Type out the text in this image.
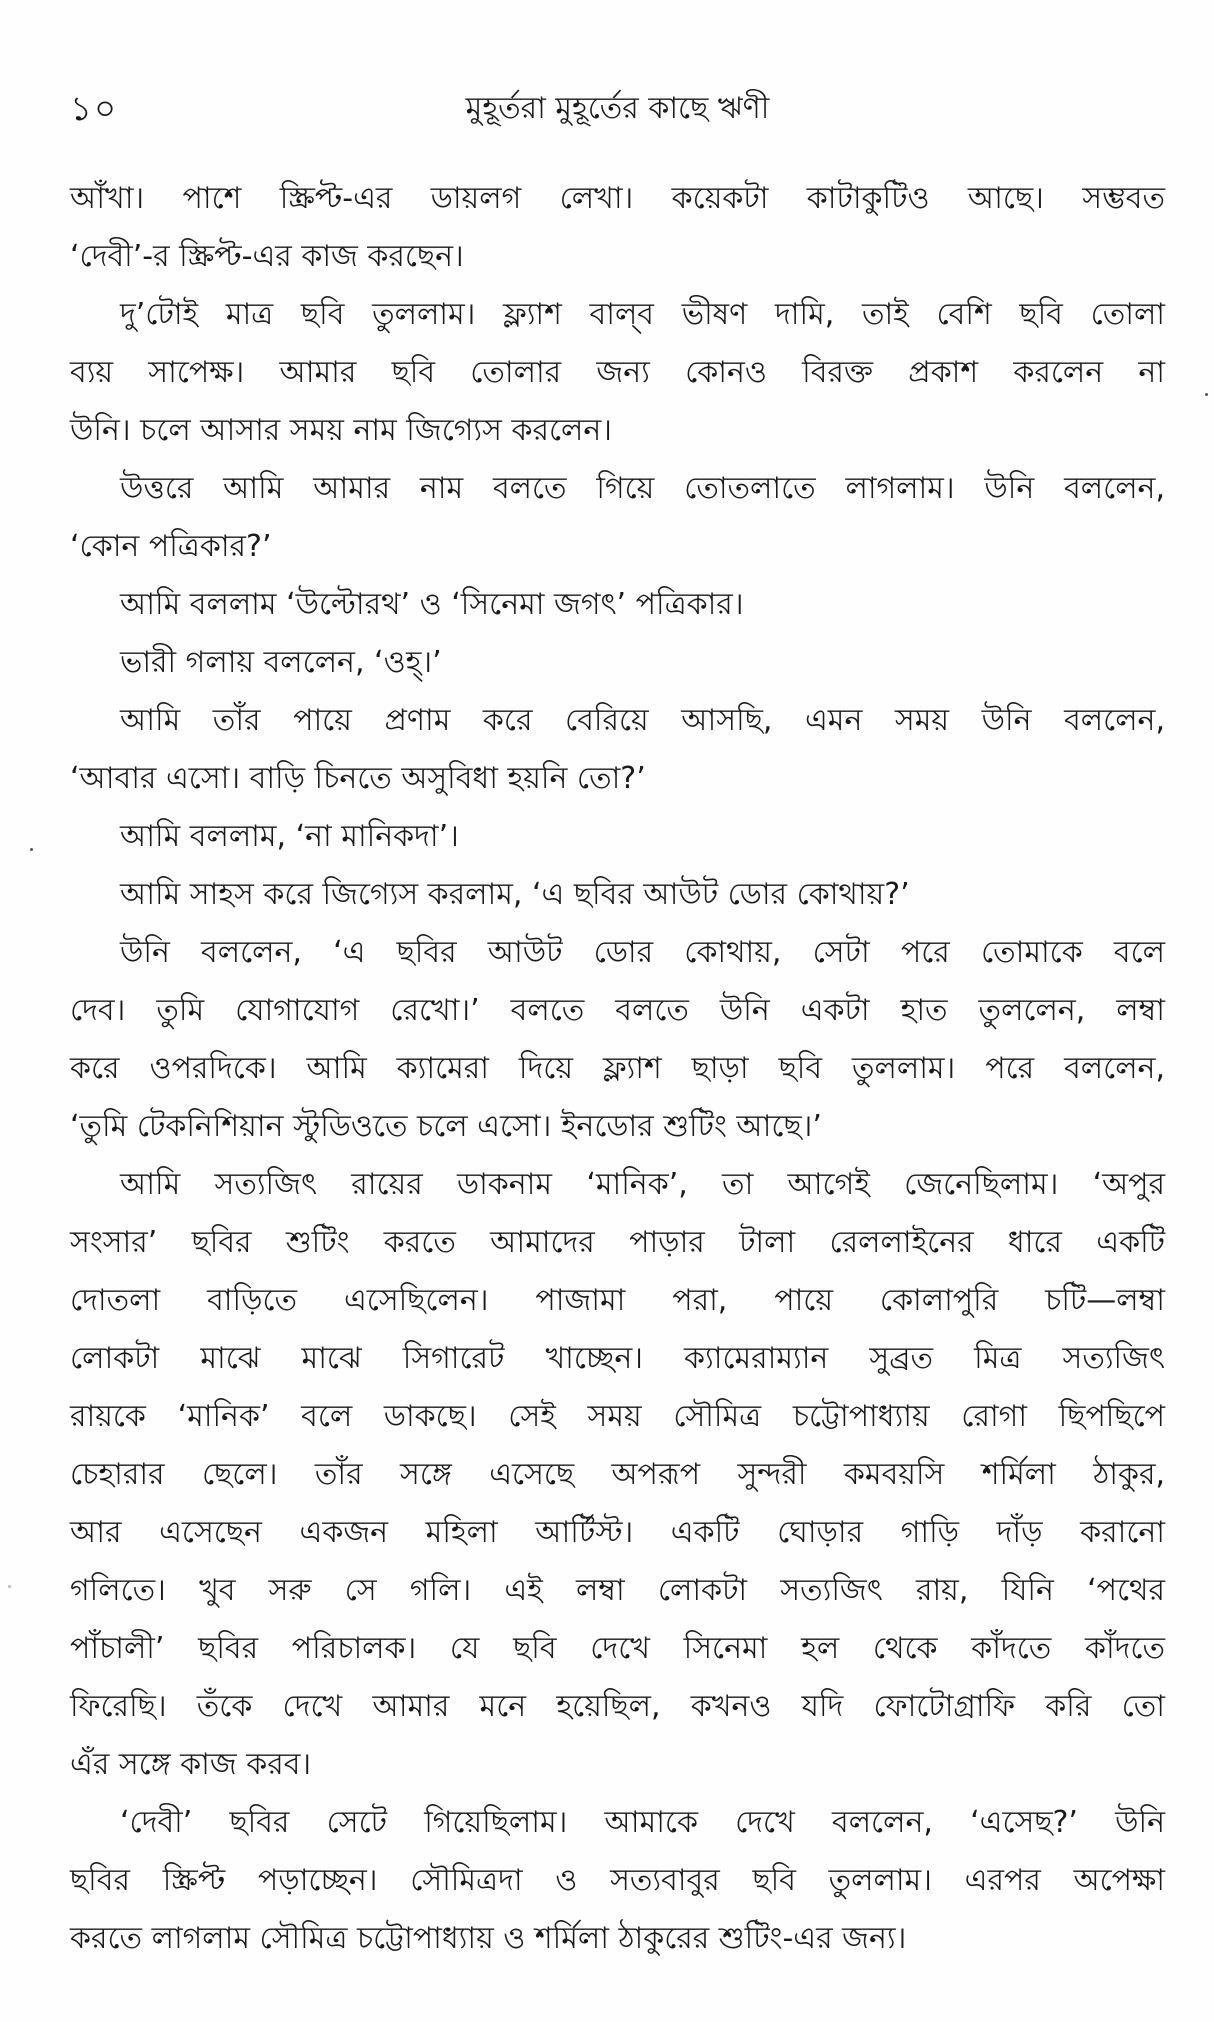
১০	মুহূর্তরা মুহূর্তের কাছে ঋণী
আঁখা। পাশে স্ক্রিপ্ট-এর ডায়লগ লেখা। কয়েকটা কাটাকুটিও আছে। সম্ভবত
‘দেবী’-র স্ক্রিপ্ট-এর কাজ করছেন।
দু’টোই মাত্র ছবি তুললাম। ফ্ল্যাশ বাল্‌ব ভীষণ দামি, তাই বেশি ছবি তোলা
ব্যয় সাপেক্ষ। আমার ছবি তোলার জন্য কোনও বিরক্ত প্রকাশ করলেন না
উনি। চলে আসার সময় নাম জিগ্যেস করলেন।
উত্তরে আমি আমার নাম বলতে গিয়ে তোতলাতে লাগলাম। উনি বললেন,
‘কোন পত্রিকার?’
আমি বললাম ‘উল্টোরথ’ ও ‘সিনেমা জগৎ’ পত্রিকার।
ভারী গলায় বললেন, ‘ওহ্‌।’
আমি তাঁর পায়ে প্রণাম করে বেরিয়ে আসছি, এমন সময় উনি বললেন,
‘আবার এসো। বাড়ি চিনতে অসুবিধা হয়নি তো?’
আমি বললাম, ‘না মানিকদা’।
আমি সাহস করে জিগ্যেস করলাম, ‘এ ছবির আউট ডোর কোথায়?’
উনি বললেন, ‘এ ছবির আউট ডোর কোথায়, সেটা পরে তোমাকে বলে
দেব। তুমি যোগাযোগ রেখো।’ বলতে বলতে উনি একটা হাত তুললেন, লম্বা
করে ওপরদিকে। আমি ক্যামেরা দিয়ে ফ্ল্যাশ ছাড়া ছবি তুললাম। পরে বললেন,
‘তুমি টেকনিশিয়ান স্টুডিওতে চলে এসো। ইনডোর শুটিং আছে।’
আমি সত্যজিৎ রায়ের ডাকনাম ‘মানিক’, তা আগেই জেনেছিলাম। ‘অপুর
সংসার’ ছবির শুটিং করতে আমাদের পাড়ার টালা রেললাইনের ধারে একটি
দোতলা বাড়িতে এসেছিলেন। পাজামা পরা, পায়ে কোলাপুরি চটি—লম্বা
লোকটা মাঝে মাঝে সিগারেট খাচ্ছেন। ক্যামেরাম্যান সুব্রত মিত্র সত্যজিৎ
রায়কে ‘মানিক’ বলে ডাকছে। সেই সময় সৌমিত্র চট্টোপাধ্যায় রোগা ছিপছিপে
চেহারার ছেলে। তাঁর সঙ্গে এসেছে অপরূপ সুন্দরী কমবয়সি শর্মিলা ঠাকুর,
আর এসেছেন একজন মহিলা আর্টিস্ট। একটি ঘোড়ার গাড়ি দাঁড় করানো
গলিতে। খুব সরু সে গলি। এই লম্বা লোকটা সত্যজিৎ রায়, যিনি ‘পথের
পাঁচালী’ ছবির পরিচালক। যে ছবি দেখে সিনেমা হল থেকে কাঁদতে কাঁদতে
ফিরেছি। তঁকে দেখে আমার মনে হয়েছিল, কখনও যদি ফোটোগ্রাফি করি তো
এঁর সঙ্গে কাজ করব।
‘দেবী’ ছবির সেটে গিয়েছিলাম। আমাকে দেখে বললেন, ‘এসেছ?’ উনি
ছবির স্ক্রিপ্ট পড়াচ্ছেন। সৌমিত্রদা ও সত্যবাবুর ছবি তুললাম। এরপর অপেক্ষা
করতে লাগলাম সৌমিত্র চট্টোপাধ্যায় ও শর্মিলা ঠাকুরের শুটিং-এর জন্য।
